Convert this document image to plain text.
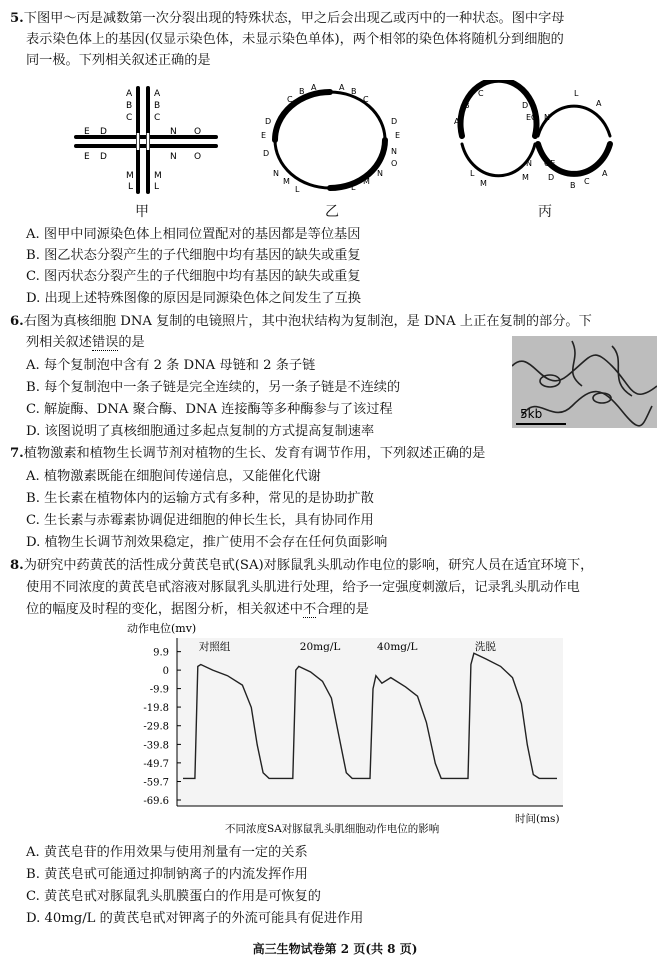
5.下图甲～丙是减数第一次分裂出现的特殊状态，甲之后会出现乙或丙中的一种状态。图中字母
表示染色体上的基因(仅显示染色体，未显示染色单体)，两个相邻的染色体将随机分到细胞的
同一极。下列相关叙述正确的是
A
B
C
M
L
E D
E D
N O
N O
A
B
C
M
L
C
B A	A B
C
D
E
D
D
E
N
O
N
M
L	L
M
N
C
B
A
D
EO N
N
M
OE
D
L
M
L
A
B C
A
甲	乙	丙
A. 图甲中同源染色体上相同位置配对的基因都是等位基因
B. 图乙状态分裂产生的子代细胞中均有基因的缺失或重复
C. 图丙状态分裂产生的子代细胞中均有基因的缺失或重复
D. 出现上述特殊图像的原因是同源染色体之间发生了互换
6.右图为真核细胞 DNA 复制的电镜照片，其中泡状结构为复制泡，是 DNA 上正在复制的部分。下
列相关叙述错误的是
A. 每个复制泡中含有 2 条 DNA 母链和 2 条子链
B. 每个复制泡中一条子链是完全连续的，另一条子链是不连续的
C. 解旋酶、DNA 聚合酶、DNA 连接酶等多种酶参与了该过程
D. 该图说明了真核细胞通过多起点复制的方式提高复制速率
5kb
7.植物激素和植物生长调节剂对植物的生长、发育有调节作用，下列叙述正确的是
A. 植物激素既能在细胞间传递信息，又能催化代谢
B. 生长素在植物体内的运输方式有多种，常见的是协助扩散
C. 生长素与赤霉素协调促进细胞的伸长生长，具有协同作用
D. 植物生长调节剂效果稳定，推广使用不会存在任何负面影响
8.为研究中药黄芪的活性成分黄芪皂甙(SA)对豚鼠乳头肌动作电位的影响，研究人员在适宜环境下，
使用不同浓度的黄芪皂甙溶液对豚鼠乳头肌进行处理，给予一定强度刺激后，记录乳头肌动作电
位的幅度及时程的变化，据图分析，相关叙述中不合理的是
动作电位(mv)
9.9
0
-9.9
-19.8
-29.8
-39.8
-49.7
-59.7
-69.6
对照组	20mg/L	40mg/L	洗脱
时间(ms)
不同浓度SA对豚鼠乳头肌细胞动作电位的影响
A. 黄芪皂苷的作用效果与使用剂量有一定的关系
B. 黄芪皂甙可能通过抑制钠离子的内流发挥作用
C. 黄芪皂甙对豚鼠乳头肌膜蛋白的作用是可恢复的
D. 40mg/L 的黄芪皂甙对钾离子的外流可能具有促进作用
高三生物试卷第 2 页(共 8 页)
